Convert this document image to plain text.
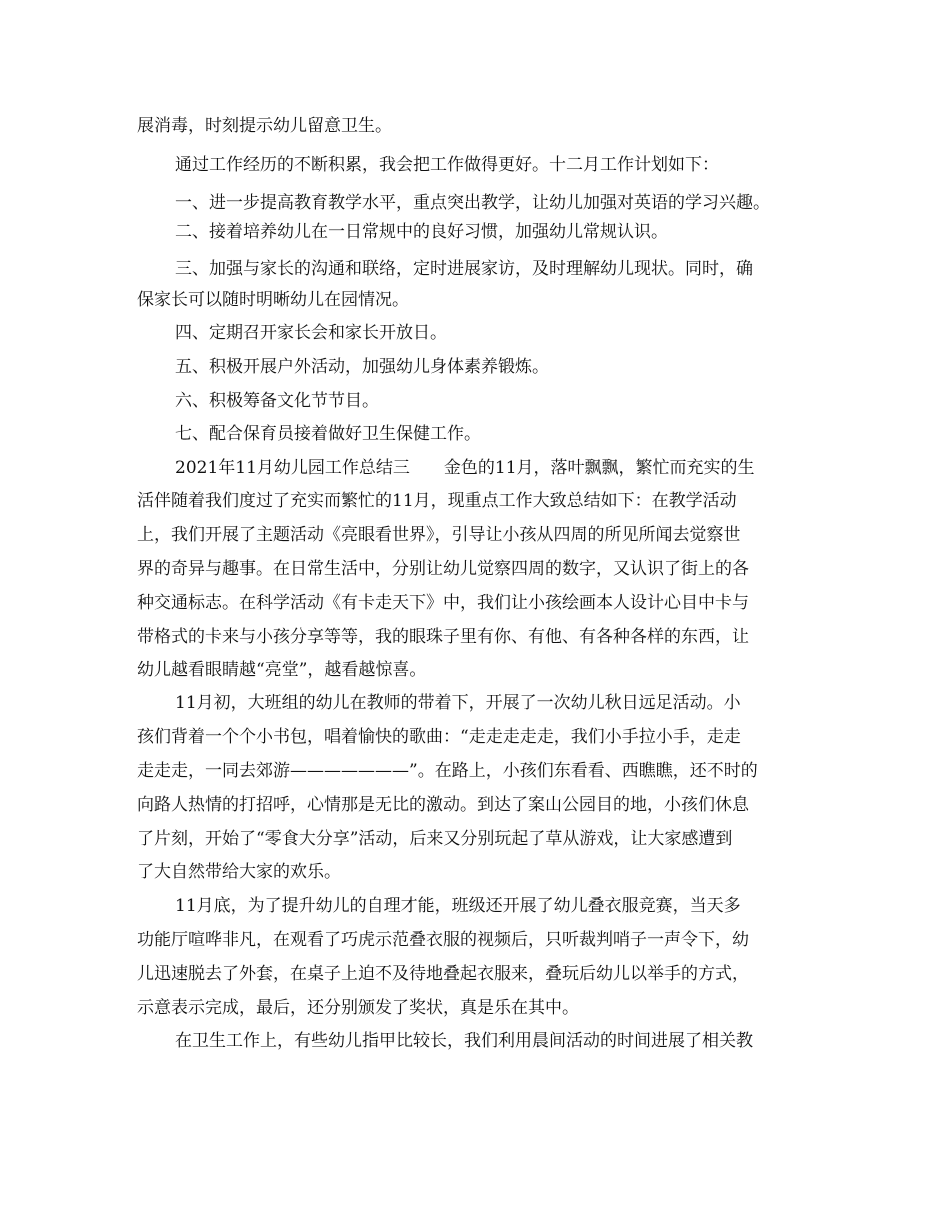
展消毒，时刻提示幼儿留意卫生。

通过工作经历的不断积累，我会把工作做得更好。十二月工作计划如下：

一、进一步提高教育教学水平，重点突出教学，让幼儿加强对英语的学习兴趣。

二、接着培养幼儿在一日常规中的良好习惯，加强幼儿常规认识。

三、加强与家长的沟通和联络，定时进展家访，及时理解幼儿现状。同时，确

保家长可以随时明晰幼儿在园情况。

四、定期召开家长会和家长开放日。

五、积极开展户外活动，加强幼儿身体素养锻炼。

六、积极筹备文化节节目。

七、配合保育员接着做好卫生保健工作。

2021年11月幼儿园工作总结三　　金色的11月，落叶飘飘，繁忙而充实的生

活伴随着我们度过了充实而繁忙的11月，现重点工作大致总结如下：在教学活动

上，我们开展了主题活动《亮眼看世界》，引导让小孩从四周的所见所闻去觉察世

界的奇异与趣事。在日常生活中，分别让幼儿觉察四周的数字，又认识了街上的各

种交通标志。在科学活动《有卡走天下》中，我们让小孩绘画本人设计心目中卡与

带格式的卡来与小孩分享等等，我的眼珠子里有你、有他、有各种各样的东西，让

幼儿越看眼睛越“亮堂”，越看越惊喜。

11月初，大班组的幼儿在教师的带着下，开展了一次幼儿秋日远足活动。小

孩们背着一个个小书包，唱着愉快的歌曲：“走走走走走，我们小手拉小手，走走

走走走，一同去郊游———————”。在路上，小孩们东看看、西瞧瞧，还不时的

向路人热情的打招呼，心情那是无比的激动。到达了案山公园目的地，小孩们休息

了片刻，开始了“零食大分享”活动，后来又分别玩起了草从游戏，让大家感遭到

了大自然带给大家的欢乐。

11月底，为了提升幼儿的自理才能，班级还开展了幼儿叠衣服竞赛，当天多

功能厅喧哗非凡，在观看了巧虎示范叠衣服的视频后，只听裁判哨子一声令下，幼

儿迅速脱去了外套，在桌子上迫不及待地叠起衣服来，叠玩后幼儿以举手的方式，

示意表示完成，最后，还分别颁发了奖状，真是乐在其中。

在卫生工作上，有些幼儿指甲比较长，我们利用晨间活动的时间进展了相关教
